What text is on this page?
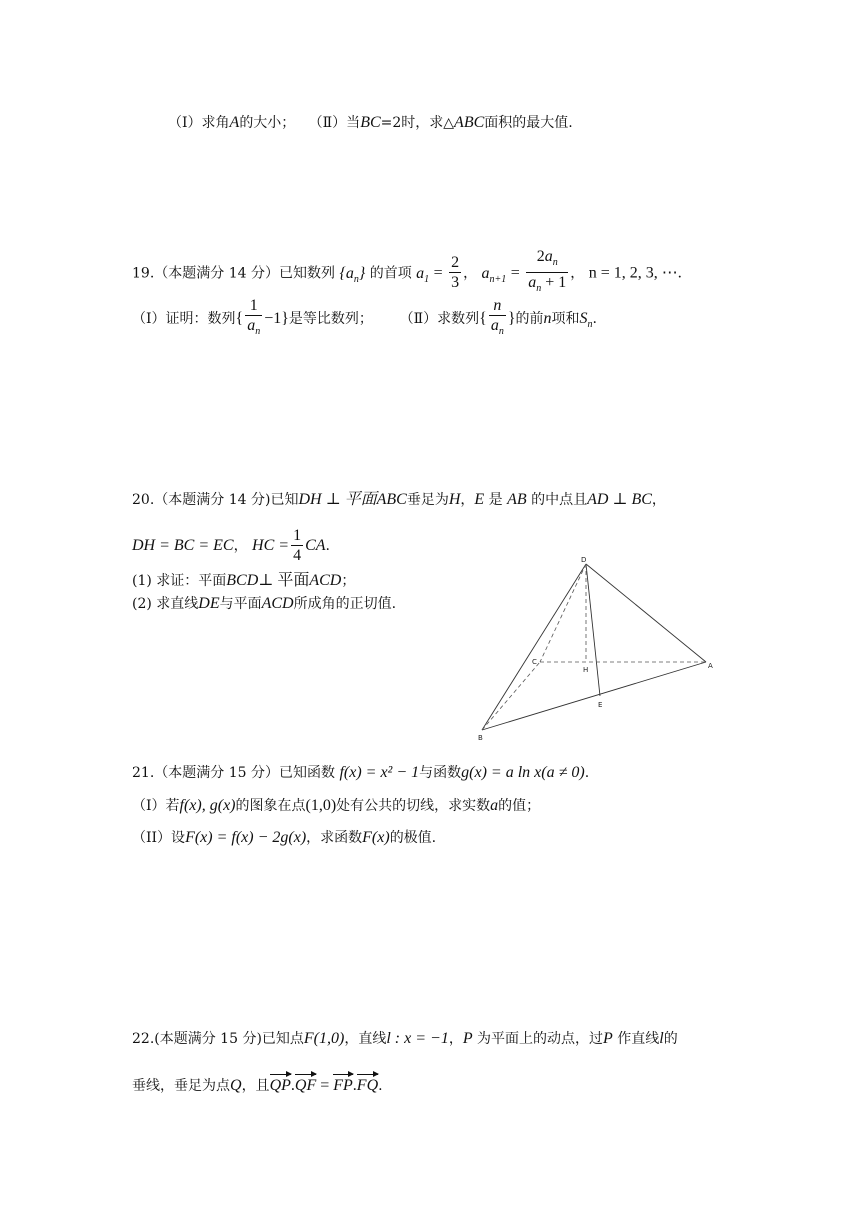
（Ⅰ）求角A的大小； （Ⅱ）当BC=2时，求△ABC面积的最大值.
19.（本题满分 14 分）已知数列 $\{a_n\}$ 的首项 $a_1 = \frac{2}{3}$ ， $a_{n+1} = \frac{2a_n}{a_n + 1}$ ， n = 1, 2, 3, ⋯.
（Ⅰ）证明：数列{ $\frac{1}{a_n} -1$}是等比数列； （Ⅱ）求数列{ $\frac{n}{a_n}$ }的前n项和$S_n$.
20.（本题满分 14 分)已知DH ⊥ 平面ABC垂足为H，E 是 AB 的中点且AD ⊥ BC，
DH = BC = EC， HC = $\frac{1}{4}$ CA.
(1) 求证：平面BCD⊥ 平面ACD；
(2) 求直线DE与平面ACD所成角的正切值.
D
C
H	A
E
B
21.（本题满分 15 分）已知函数 f(x) = x² − 1与函数g(x) = a ln x(a ≠ 0).
（I）若f(x), g(x)的图象在点(1,0)处有公共的切线，求实数a的值；
（II）设F(x) = f(x) − 2g(x)，求函数F(x)的极值.
22.(本题满分 15 分)已知点F(1,0)，直线l : x = −1，P 为平面上的动点，过P 作直线l的
垂线，垂足为点Q，且QP.QF = FP.FQ.
